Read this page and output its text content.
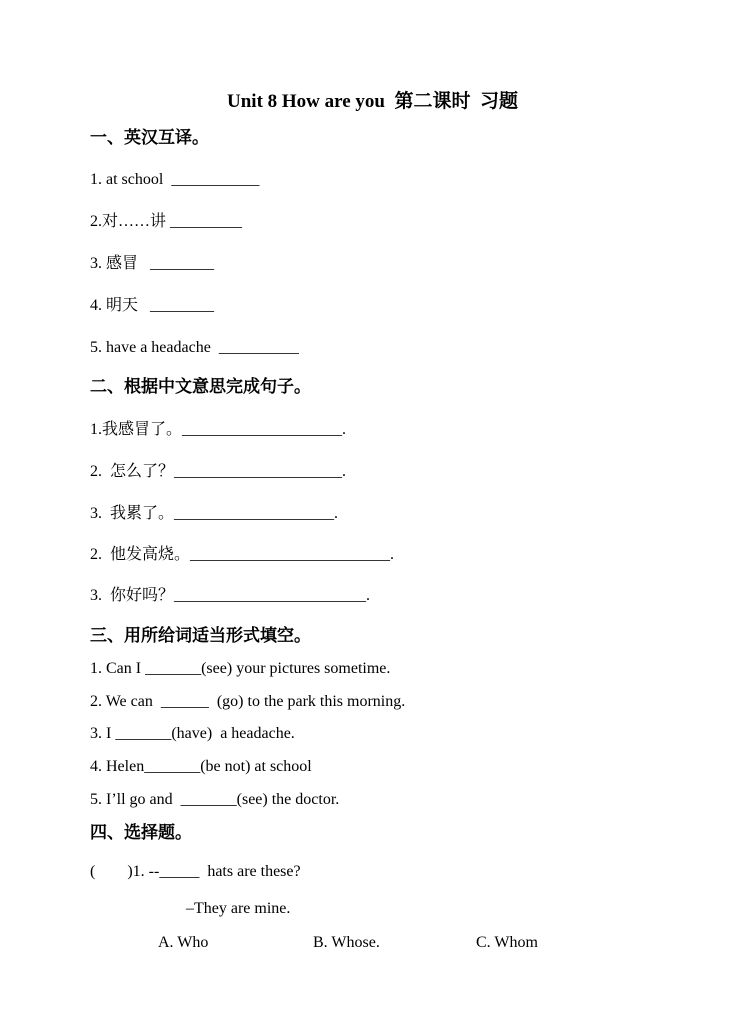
Unit 8 How are you  第二课时  习题
一、英汉互译。
1. at school  ___________
2.对……讲 _________
3. 感冒   ________
4. 明天   ________
5. have a headache  __________
二、根据中文意思完成句子。
1.我感冒了。____________________.
2.  怎么了？_____________________.
3.  我累了。____________________.
2.  他发高烧。_________________________.
3.  你好吗？________________________.
三、用所给词适当形式填空。
1. Can I _______(see) your pictures sometime.
2. We can  ______  (go) to the park this morning.
3. I _______(have)  a headache.
4. Helen_______(be not) at school
5. I’ll go and  _______(see) the doctor.
四、选择题。
(        )1. --_____  hats are these?
–They are mine.
A. Who	B. Whose.	C. Whom
